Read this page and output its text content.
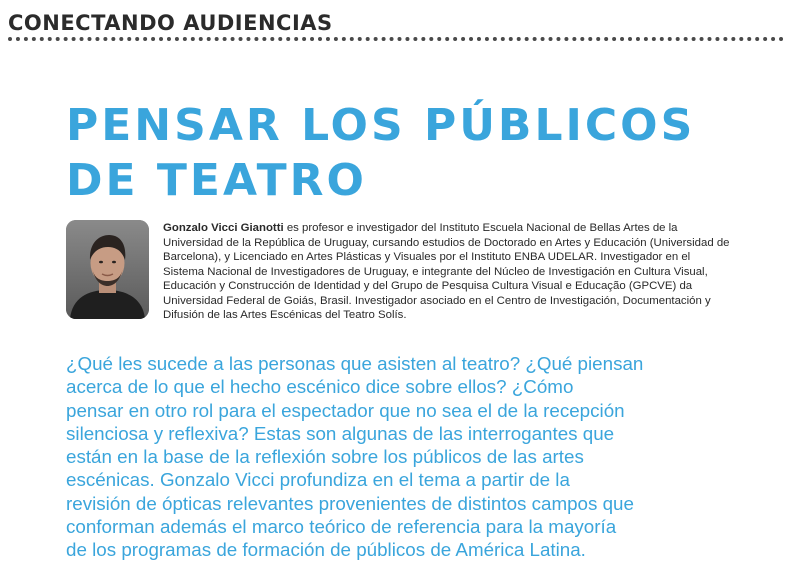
CONECTANDO AUDIENCIAS
PENSAR LOS PÚBLICOS
DE TEATRO

Gonzalo Vicci Gianotti es profesor e investigador del Instituto Escuela Nacional de Bellas Artes de la Universidad de la República de Uruguay, cursando estudios de Doctorado en Artes y Educación (Universidad de Barcelona), y Licenciado en Artes Plásticas y Visuales por el Instituto ENBA UDELAR. Investigador en el Sistema Nacional de Investigadores de Uruguay, e integrante del Núcleo de Investigación en Cultura Visual, Educación y Construcción de Identidad y del Grupo de Pesquisa Cultura Visual e Educação (GPCVE) da Universidad Federal de Goiás, Brasil. Investigador asociado en el Centro de Investigación, Documentación y Difusión de las Artes Escénicas del Teatro Solís.

¿Qué les sucede a las personas que asisten al teatro? ¿Qué piensan
acerca de lo que el hecho escénico dice sobre ellos? ¿Cómo
pensar en otro rol para el espectador que no sea el de la recepción
silenciosa y reflexiva? Estas son algunas de las interrogantes que
están en la base de la reflexión sobre los públicos de las artes
escénicas. Gonzalo Vicci profundiza en el tema a partir de la
revisión de ópticas relevantes provenientes de distintos campos que
conforman además el marco teórico de referencia para la mayoría
de los programas de formación de públicos de América Latina.
